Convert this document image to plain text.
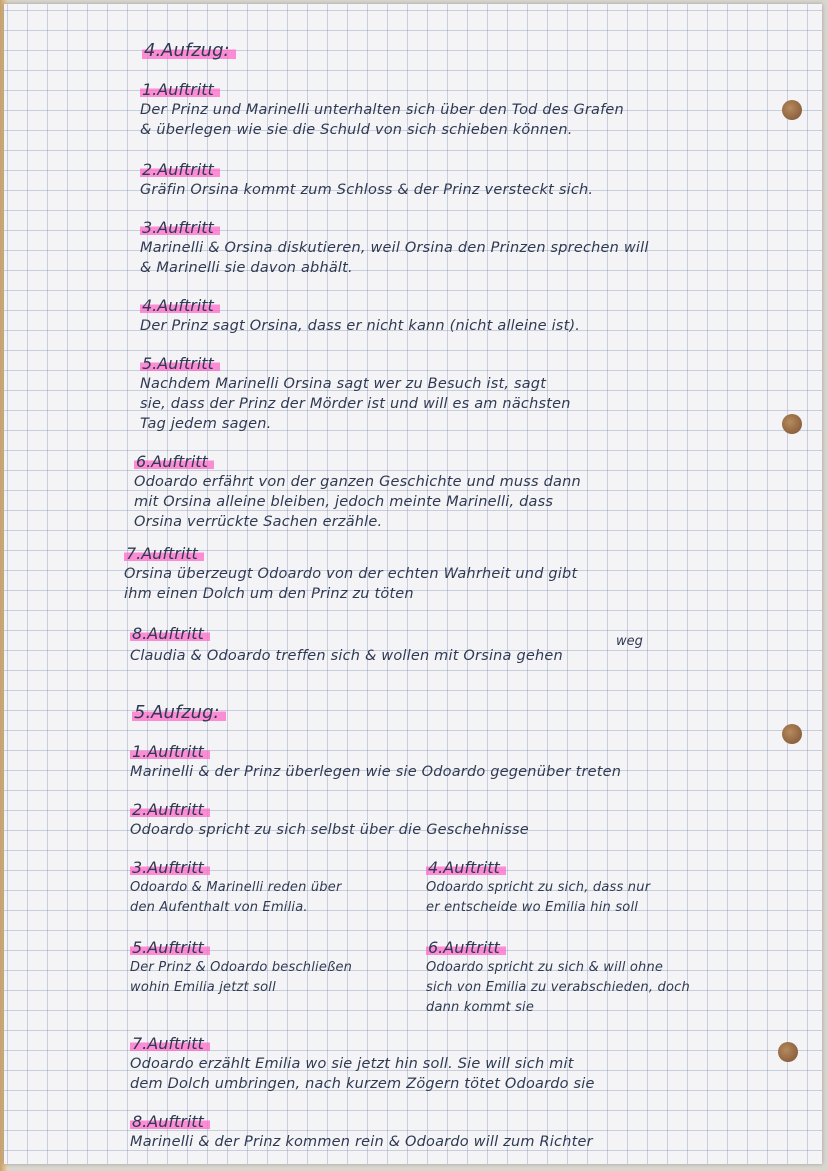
4.Aufzug:
1.Auftritt
Der Prinz und Marinelli unterhalten sich über den Tod des Grafen
& überlegen wie sie die Schuld von sich schieben können.
2.Auftritt
Gräfin Orsina kommt zum Schloss & der Prinz versteckt sich.
3.Auftritt
Marinelli & Orsina diskutieren, weil Orsina den Prinzen sprechen will
& Marinelli sie davon abhält.
4.Auftritt
Der Prinz sagt Orsina, dass er nicht kann (nicht alleine ist).
5.Auftritt
Nachdem Marinelli Orsina sagt wer zu Besuch ist, sagt
sie, dass der Prinz der Mörder ist und will es am nächsten
Tag jedem sagen.
6.Auftritt
Odoardo erfährt von der ganzen Geschichte und muss dann
mit Orsina alleine bleiben, jedoch meinte Marinelli, dass
Orsina verrückte Sachen erzähle.
7.Auftritt
Orsina überzeugt Odoardo von der echten Wahrheit und gibt
ihm einen Dolch um den Prinz zu töten
8.Auftritt	weg
Claudia & Odoardo treffen sich & wollen mit Orsina gehen
5.Aufzug:
1.Auftritt
Marinelli & der Prinz überlegen wie sie Odoardo gegenüber treten
2.Auftritt
Odoardo spricht zu sich selbst über die Geschehnisse
3.Auftritt
Odoardo & Marinelli reden über
den Aufenthalt von Emilia.
4.Auftritt
Odoardo spricht zu sich, dass nur
er entscheide wo Emilia hin soll
5.Auftritt
Der Prinz & Odoardo beschließen
wohin Emilia jetzt soll
6.Auftritt
Odoardo spricht zu sich & will ohne
sich von Emilia zu verabschieden, doch
dann kommt sie
7.Auftritt
Odoardo erzählt Emilia wo sie jetzt hin soll. Sie will sich mit
dem Dolch umbringen, nach kurzem Zögern tötet Odoardo sie
8.Auftritt
Marinelli & der Prinz kommen rein & Odoardo will zum Richter
